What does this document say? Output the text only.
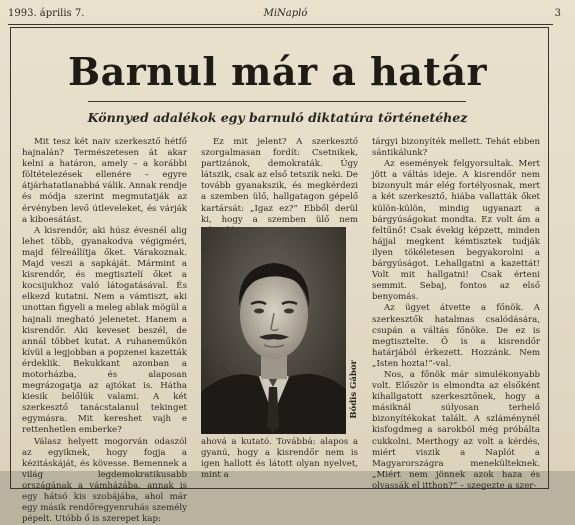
1993. április 7.	MiNapló	3
Barnul már a határ
Könnyed adalékok egy barnuló diktatúra történetéhez

Mit tesz két naiv szerkesztő hétfő hajnalán? Természetesen át akar kelni a határon, amely – a korábbi föltételezések ellenére – egyre átjárhatatlanabbá válik. Annak rendje és módja szerint megmutatják az érvényben levő útleveleket, és várják a kiboesátást.

A kisrendőr, aki húsz évesnél alig lehet több, gyanakodva végigméri, majd félreállítja őket. Várakoznak. Majd veszi a sapkáját. Mármint a kisrendőr, és megtisztelí őket a kocsijukhoz való látogatásával. És elkezd kutatni. Nem a vámtiszt, aki unottan figyeli a meleg ablak mögül a hajnali megható jelenetet. Hanem a kisrendőr. Aki keveset beszél, de annál többet kutat. A ruhaneműkön kívül a legjobban a popzenei kazetták érdeklik. Bekukkant azonban a motorházba, és alaposan megrázogatja az ajtókat is. Hátha kiesik belőlük valami. A két szerkesztő tanácstalanul tekinget egymásra. Mit kereshet vajh e rettenhetlen emberke?

Válasz helyett mogorván odaszól az egyiknek, hogy fogja a kézitáskáját, és kövesse. Bemennek a világ legdemokratikusabb országának a vámházába, annak is egy hátsó kis szobájába, ahol már egy másik rendőregyenruhás személy pépelt. Utóbb ő is szerepet kap:

Ez mit jelent? A szerkesztő szorgalmasan fordít: Csetnikek, partizánok, demokraták. Úgy látszik, csak az első tetszik neki. De tovább gyanakszik, és megkérdezi a szemben ülő, hallgatagon gépelő kartársát: „Igaz ez?” Ebből derül ki, hogy a szemben ülő nem

Bódis Gábor

ahová a kutató. Továbbá: alapos a gyanú, hogy a kisrendőr nem is igen hallott és látott olyan nyelvet, mint a

tárgyi bizonyíték mellett. Tehát ebben sántikálunk?

Az események felgyorsultak. Mert jött a váltás ideje. A kisrendőr nem bizonyult már elég fortélyosnak, mert a két szerkesztő, hiába vallatták őket külön-külön, mindig ugyanazt a bárgyúságokat mondta. Ez volt ám a feltűnő! Csak évekig képzett, minden hájjal megkent kémtisztek tudják ilyen tökéletesen begyakorolni a bárgyúságot. Lehallgatni a kazettát! Volt mit hallgatni! Csak érteni semmit. Sebaj, fontos az első benyomás.

Az ügyet átvette a főnök. A szerkesztők hatalmas csalódására, csupán a váltás főnöke. De ez is megtisztelte. Ő is a kisrendőr határjából érkezett. Hozzánk. Nem „Isten hozta!”-val.

Nos, a főnök már simulékonyabb volt. Először is elmondta az elsőként kihallgatott szerkesztőnek, hogy a másiknál súlyosan terhelő bizonyítékokat talált. A szláménynél kisfogdmeg a sarokból még próbálta cukkolni. Merthogy az volt a kérdés, miért viszik a Naplót a Magyarországra menekülteknek. „Miért nem jönnek azok haza és olvassák el itthon?” – szegezte a szer-
